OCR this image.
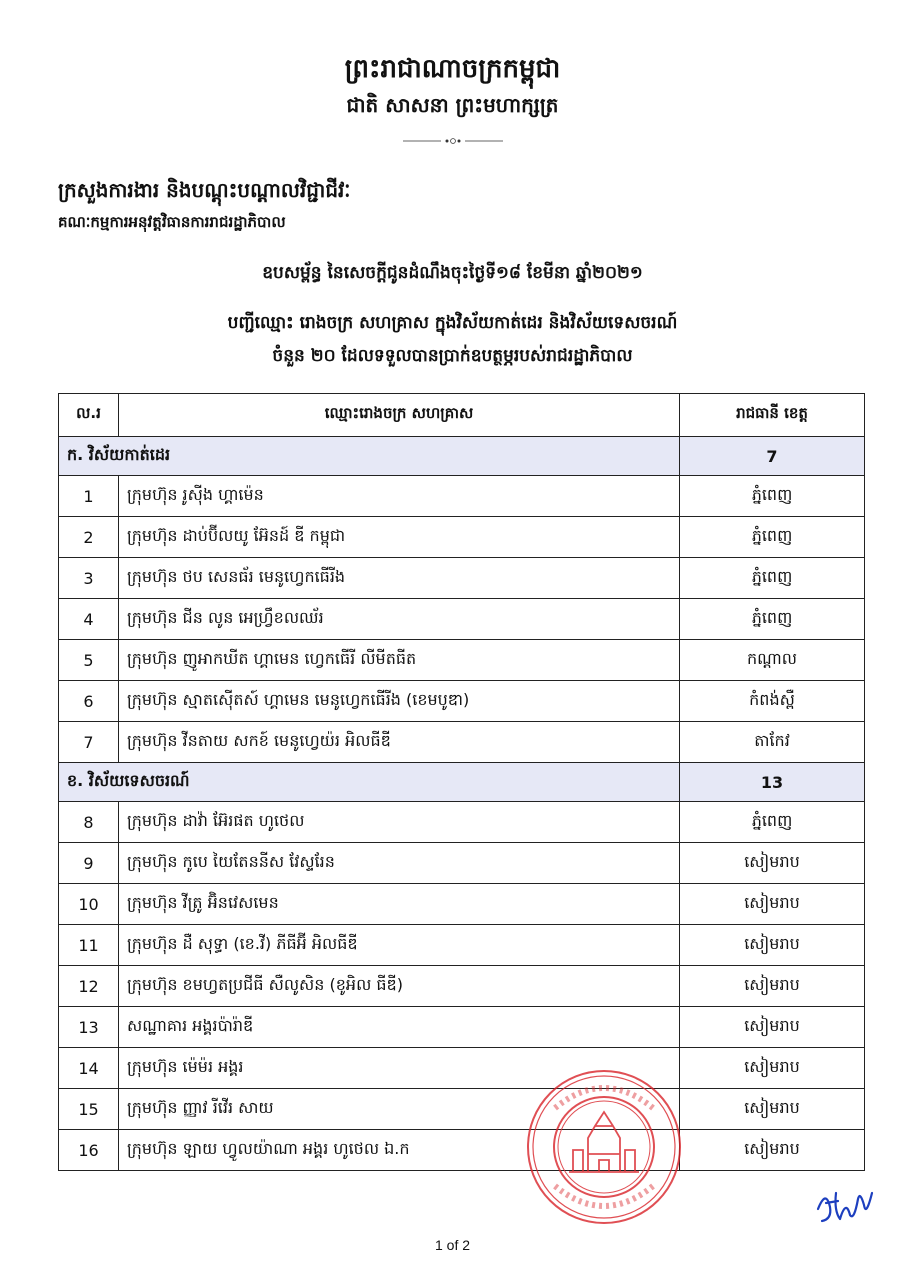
ព្រះរាជាណាចក្រកម្ពុជា
ជាតិ សាសនា ព្រះមហាក្សត្រ
ក្រសួងការងារ និងបណ្តុះបណ្តាលវិជ្ជាជីវៈ
គណៈកម្មការអនុវត្តវិធានការរាជរដ្ឋាភិបាល
ឧបសម្ព័ន្ធ នៃសេចក្តីជូនដំណឹងចុះថ្ងៃទី១៨ ខែមីនា ឆ្នាំ២០២១
បញ្ជីឈ្មោះ រោងចក្រ សហគ្រាស ក្នុងវិស័យកាត់ដេរ និងវិស័យទេសចរណ៍
ចំនួន ២០ ដែលទទួលបានប្រាក់ឧបត្ថម្ភរបស់រាជរដ្ឋាភិបាល
ល.រ	ឈ្មោះរោងចក្រ សហគ្រាស	រាជធានី ខេត្ត
ក. វិស័យកាត់ដេរ		7
1	ក្រុមហ៊ុន រូស៊ីង ហ្គាម៉េន	ភ្នំពេញ
2	ក្រុមហ៊ុន ដាប់ប៊ីលយូ អ៊ែនដ៍ ឌី កម្ពុជា	ភ្នំពេញ
3	ក្រុមហ៊ុន ថប សេនធ័រ មេនូហ្វេកធើរីង	ភ្នំពេញ
4	ក្រុមហ៊ុន ជីន លូន អេហ្វ្រឹខលឈ័រ	ភ្នំពេញ
5	ក្រុមហ៊ុន ញូអាកឃីត ហ្គាមេន ហ្វេកធើរី លីមីតធីត	កណ្តាល
6	ក្រុមហ៊ុន ស្មាតស៊ើតស៍ ហ្គាមេន មេនូហ្វេកធើរីង (ខេមបូឌា)	កំពង់ស្ពឺ
7	ក្រុមហ៊ុន វីនតាយ សកខ៍ មេនូហ្វេយ៉រ អិលធីឌី	តាកែវ
ខ. វិស័យទេសចរណ៍		13
8	ក្រុមហ៊ុន ដាវ៉ា អ៊ែរផត ហូថេល	ភ្នំពេញ
9	ក្រុមហ៊ុន កូបេ យៃតែននីស វែស្ទរែន	សៀមរាប
10	ក្រុមហ៊ុន វីត្រូ អ៊ិនវេសមេន	សៀមរាប
11	ក្រុមហ៊ុន ដឺ សុទ្ធា (ខេ.វី) ភីធីអ៊ី អិលធីឌី	សៀមរាប
12	ក្រុមហ៊ុន ខមហ្វតប្រជីធី សឺលូសិន (ខូអិល ធីឌី)	សៀមរាប
13	សណ្ឋាគារ អង្គរប៉ារ៉ាឌី	សៀមរាប
14	ក្រុមហ៊ុន ម៉េម៉រ អង្គរ	សៀមរាប
15	ក្រុមហ៊ុន ញ្ញាវ រីវើរ សាយ	សៀមរាប
16	ក្រុមហ៊ុន ឡាយ ហ្វូលយ៉ាណា អង្គរ ហូថេល ឯ.ក	សៀមរាប
1 of 2
